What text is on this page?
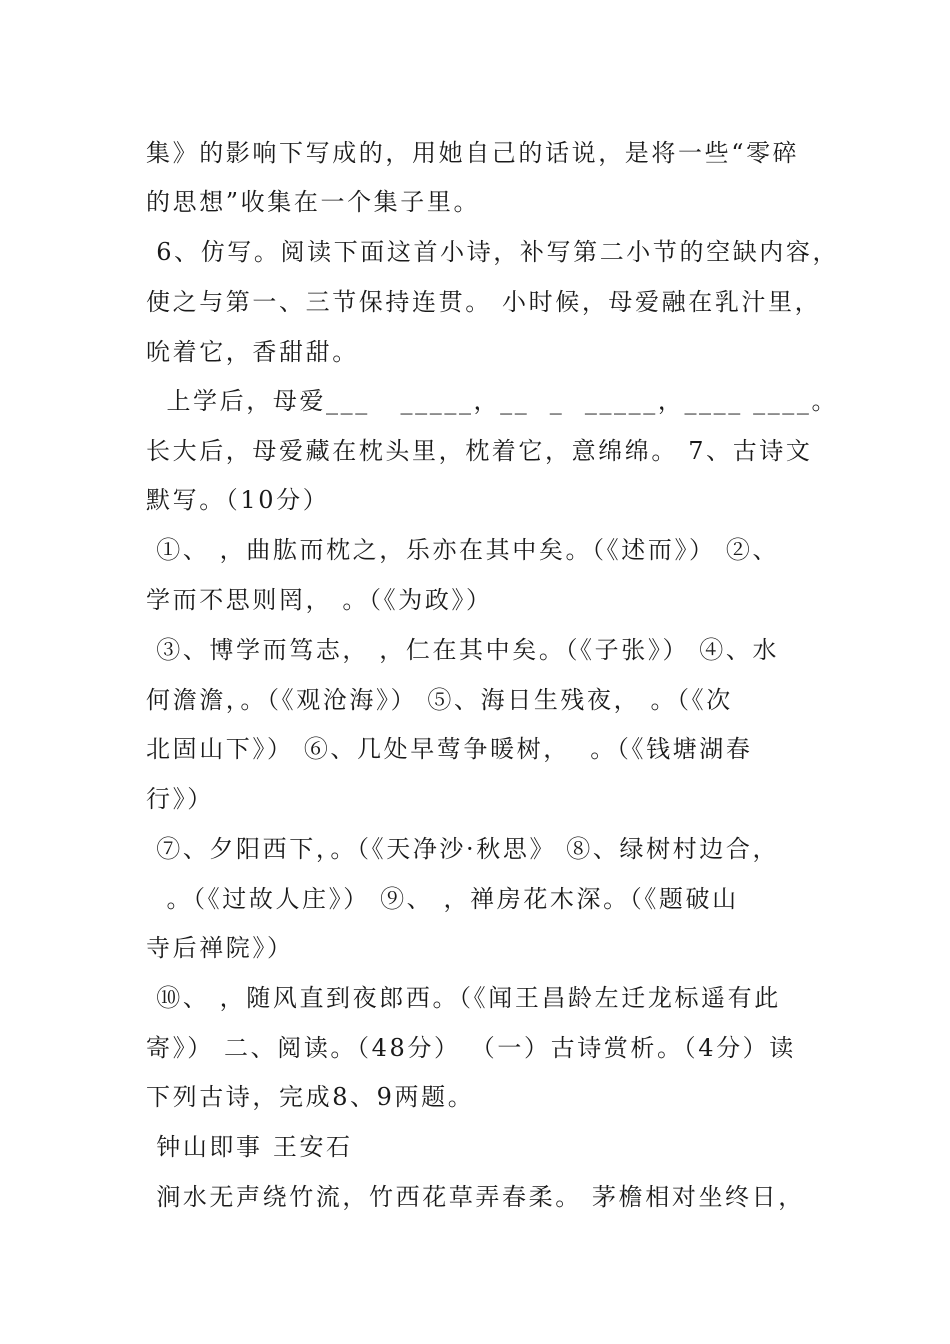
集》的影响下写成的，用她自己的话说，是将一些“零碎
的思想”收集在一个集子里。
6、仿写。阅读下面这首小诗，补写第二小节的空缺内容，
使之与第一、三节保持连贯。 小时候，母爱融在乳汁里，
吮着它，香甜甜。
上学后，母爱___   _____，__  _  _____，____ ____。
长大后，母爱藏在枕头里，枕着它，意绵绵。 7、古诗文
默写。（10分）
①、 ，曲肱而枕之，乐亦在其中矣。（《述而》） ②、
学而不思则罔， 。（《为政》）
③、博学而笃志， ，仁在其中矣。（《子张》） ④、水
何澹澹，。（《观沧海》） ⑤、海日生残夜， 。（《次
北固山下》） ⑥、几处早莺争暖树，  。（《钱塘湖春
行》）
⑦、夕阳西下，。（《天净沙·秋思》 ⑧、绿树村边合，
。（《过故人庄》） ⑨、 ，禅房花木深。（《题破山
寺后禅院》）
⑩、 ，随风直到夜郎西。（《闻王昌龄左迁龙标遥有此
寄》） 二、阅读。（48分） （一）古诗赏析。（4分）读
下列古诗，完成8、9两题。
钟山即事 王安石
涧水无声绕竹流，竹西花草弄春柔。 茅檐相对坐终日，
